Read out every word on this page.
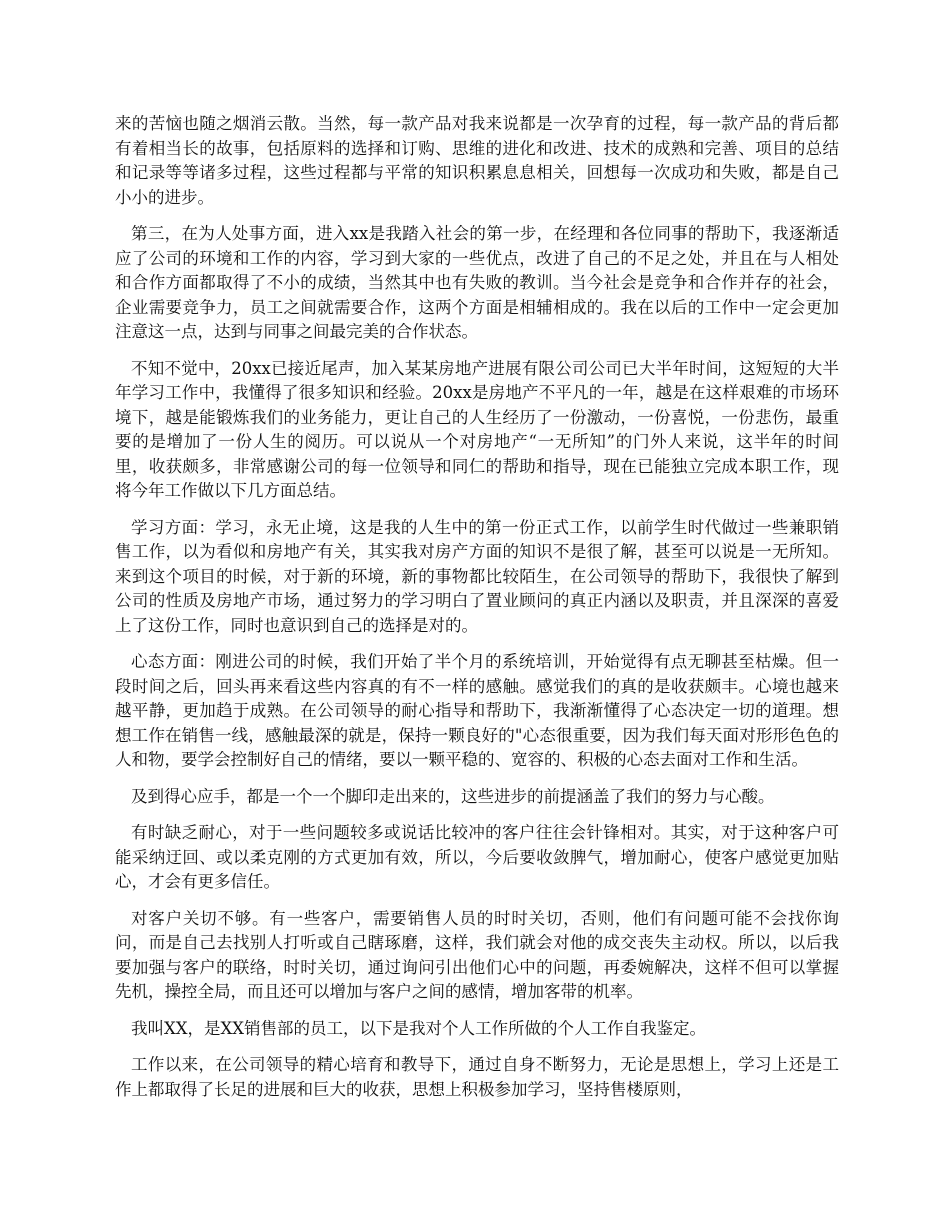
来的苦恼也随之烟消云散。当然，每一款产品对我来说都是一次孕育的过程，每一款产品的背后都有着相当长的故事，包括原料的选择和订购、思维的进化和改进、技术的成熟和完善、项目的总结和记录等等诸多过程，这些过程都与平常的知识积累息息相关，回想每一次成功和失败，都是自己小小的进步。

第三，在为人处事方面，进入xx是我踏入社会的第一步，在经理和各位同事的帮助下，我逐渐适应了公司的环境和工作的内容，学习到大家的一些优点，改进了自己的不足之处，并且在与人相处和合作方面都取得了不小的成绩，当然其中也有失败的教训。当今社会是竞争和合作并存的社会，企业需要竞争力，员工之间就需要合作，这两个方面是相辅相成的。我在以后的工作中一定会更加注意这一点，达到与同事之间最完美的合作状态。

不知不觉中，20xx已接近尾声，加入某某房地产进展有限公司公司已大半年时间，这短短的大半年学习工作中，我懂得了很多知识和经验。20xx是房地产不平凡的一年，越是在这样艰难的市场环境下，越是能锻炼我们的业务能力，更让自己的人生经历了一份激动，一份喜悦，一份悲伤，最重要的是增加了一份人生的阅历。可以说从一个对房地产“一无所知”的门外人来说，这半年的时间里，收获颇多，非常感谢公司的每一位领导和同仁的帮助和指导，现在已能独立完成本职工作，现将今年工作做以下几方面总结。

学习方面：学习，永无止境，这是我的人生中的第一份正式工作，以前学生时代做过一些兼职销售工作，以为看似和房地产有关，其实我对房产方面的知识不是很了解，甚至可以说是一无所知。来到这个项目的时候，对于新的环境，新的事物都比较陌生，在公司领导的帮助下，我很快了解到公司的性质及房地产市场，通过努力的学习明白了置业顾问的真正内涵以及职责，并且深深的喜爱上了这份工作，同时也意识到自己的选择是对的。

心态方面：刚进公司的时候，我们开始了半个月的系统培训，开始觉得有点无聊甚至枯燥。但一段时间之后，回头再来看这些内容真的有不一样的感触。感觉我们的真的是收获颇丰。心境也越来越平静，更加趋于成熟。在公司领导的耐心指导和帮助下，我渐渐懂得了心态决定一切的道理。想想工作在销售一线，感触最深的就是，保持一颗良好的"心态很重要，因为我们每天面对形形色色的人和物，要学会控制好自己的情绪，要以一颗平稳的、宽容的、积极的心态去面对工作和生活。

及到得心应手，都是一个一个脚印走出来的，这些进步的前提涵盖了我们的努力与心酸。

有时缺乏耐心，对于一些问题较多或说话比较冲的客户往往会针锋相对。其实，对于这种客户可能采纳迂回、或以柔克刚的方式更加有效，所以，今后要收敛脾气，增加耐心，使客户感觉更加贴心，才会有更多信任。

对客户关切不够。有一些客户，需要销售人员的时时关切，否则，他们有问题可能不会找你询问，而是自己去找别人打听或自己瞎琢磨，这样，我们就会对他的成交丧失主动权。所以，以后我要加强与客户的联络，时时关切，通过询问引出他们心中的问题，再委婉解决，这样不但可以掌握先机，操控全局，而且还可以增加与客户之间的感情，增加客带的机率。

我叫XX，是XX销售部的员工，以下是我对个人工作所做的个人工作自我鉴定。

工作以来，在公司领导的精心培育和教导下，通过自身不断努力，无论是思想上，学习上还是工作上都取得了长足的进展和巨大的收获，思想上积极参加学习，坚持售楼原则，
